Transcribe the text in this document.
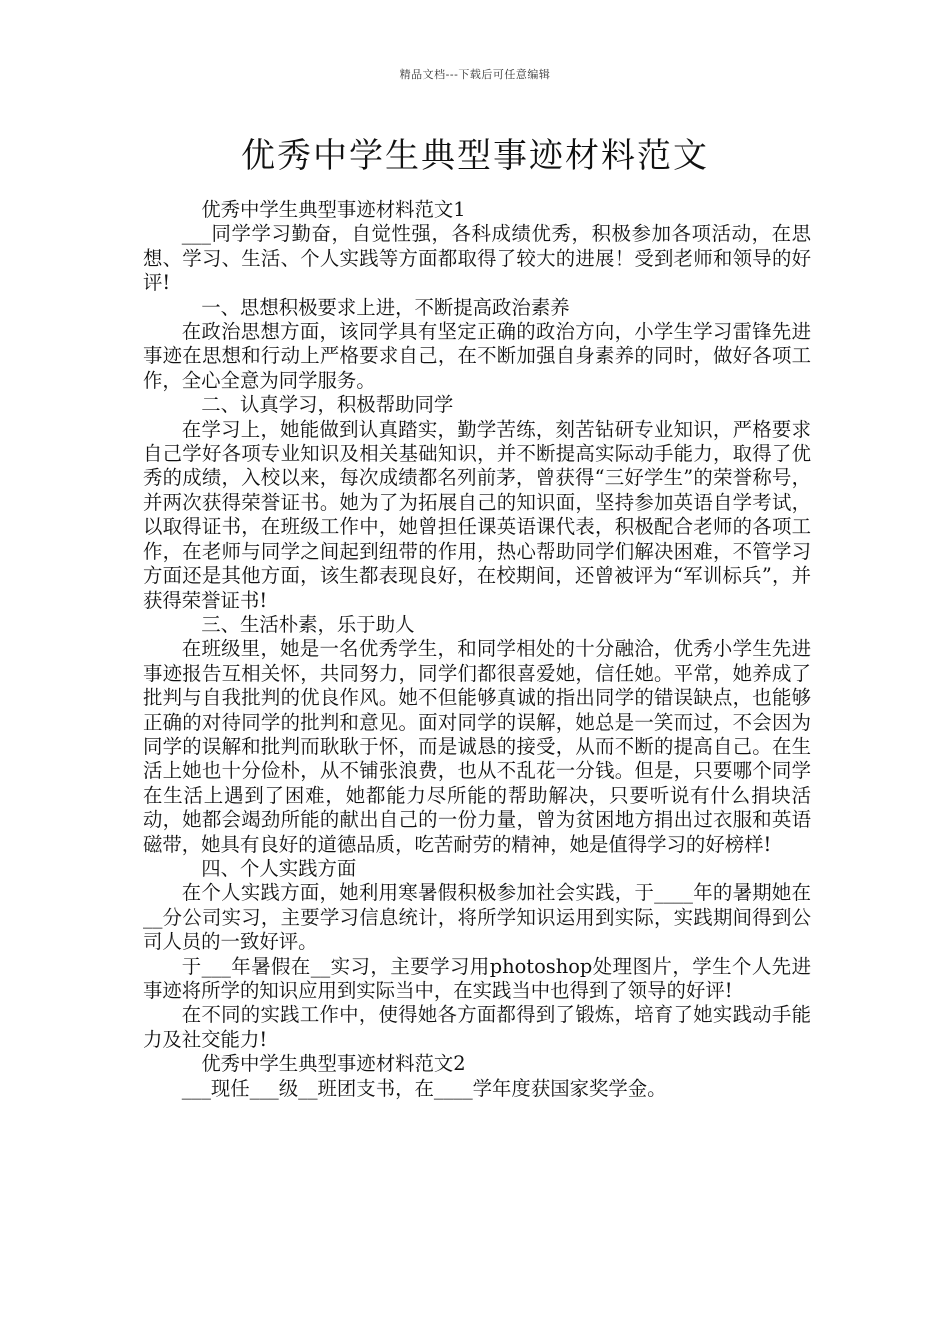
精品文档---下载后可任意编辑
优秀中学生典型事迹材料范文

优秀中学生典型事迹材料范文1

___同学学习勤奋，自觉性强，各科成绩优秀，积极参加各项活动，在思想、学习、生活、个人实践等方面都取得了较大的进展！受到老师和领导的好评!

一、思想积极要求上进，不断提高政治素养

在政治思想方面，该同学具有坚定正确的政治方向，小学生学习雷锋先进事迹在思想和行动上严格要求自己，在不断加强自身素养的同时，做好各项工作，全心全意为同学服务。

二、认真学习，积极帮助同学

在学习上，她能做到认真踏实，勤学苦练，刻苦钻研专业知识，严格要求自己学好各项专业知识及相关基础知识，并不断提高实际动手能力，取得了优秀的成绩，入校以来，每次成绩都名列前茅，曾获得“三好学生”的荣誉称号，并两次获得荣誉证书。她为了为拓展自己的知识面，坚持参加英语自学考试，以取得证书，在班级工作中，她曾担任课英语课代表，积极配合老师的各项工作，在老师与同学之间起到纽带的作用，热心帮助同学们解决困难，不管学习方面还是其他方面，该生都表现良好，在校期间，还曾被评为“军训标兵”，并获得荣誉证书!

三、生活朴素，乐于助人

在班级里，她是一名优秀学生，和同学相处的十分融洽，优秀小学生先进事迹报告互相关怀，共同努力，同学们都很喜爱她，信任她。平常，她养成了批判与自我批判的优良作风。她不但能够真诚的指出同学的错误缺点，也能够正确的对待同学的批判和意见。面对同学的误解，她总是一笑而过，不会因为同学的误解和批判而耿耿于怀，而是诚恳的接受，从而不断的提高自己。在生活上她也十分俭朴，从不铺张浪费，也从不乱花一分钱。但是，只要哪个同学在生活上遇到了困难，她都能力尽所能的帮助解决，只要听说有什么捐块活动，她都会竭劲所能的献出自己的一份力量，曾为贫困地方捐出过衣服和英语磁带，她具有良好的道德品质，吃苦耐劳的精神，她是值得学习的好榜样!

四、个人实践方面

在个人实践方面，她利用寒暑假积极参加社会实践，于____年的暑期她在__分公司实习，主要学习信息统计，将所学知识运用到实际，实践期间得到公司人员的一致好评。

于___年暑假在__实习，主要学习用photoshop处理图片，学生个人先进事迹将所学的知识应用到实际当中，在实践当中也得到了领导的好评!

在不同的实践工作中，使得她各方面都得到了锻炼，培育了她实践动手能力及社交能力!

优秀中学生典型事迹材料范文2

___现任___级__班团支书，在____学年度获国家奖学金。
